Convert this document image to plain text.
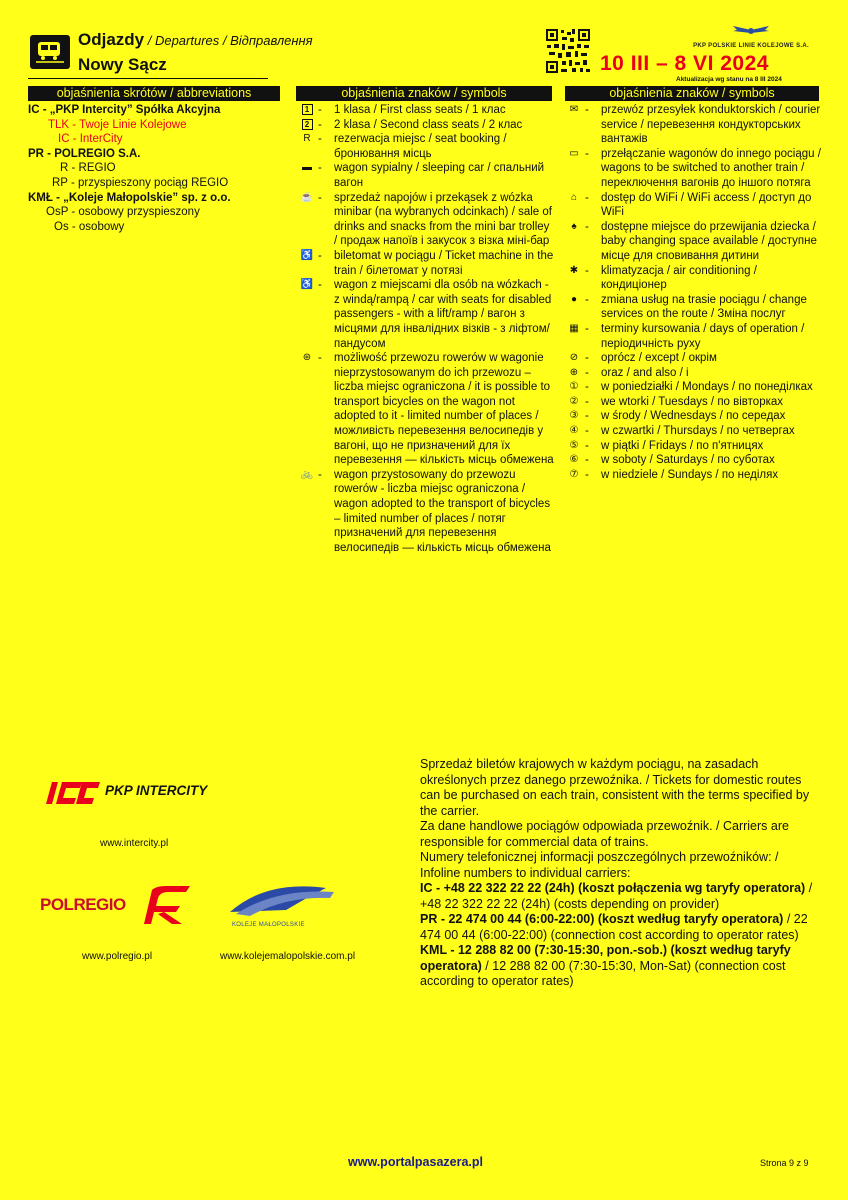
Odjazdy / Departures / Відправлення
Nowy Sącz
PKP POLSKIE LINIE KOLEJOWE S.A.
10 III – 8 VI 2024
Aktualizacja wg stanu na 8 III 2024
objaśnienia skrótów / abbreviations	objaśnienia znaków / symbols	objaśnienia znaków / symbols
IC - „PKP Intercity” Spółka Akcyjna
TLK - Twoje Linie Kolejowe
IC - InterCity
PR - POLREGIO S.A.
R - REGIO
RP - przyspieszony pociąg REGIO
KMŁ - „Koleje Małopolskie” sp. z o.o.
OsP - osobowy przyspieszony
Os - osobowy
1 -	1 klasa / First class seats / 1 клас
2 -	2 klasa / Second class seats / 2 клас
R -	rezerwacja miejsc / seat booking / бронювання місць
▬ -	wagon sypialny / sleeping car / спальний вагон
☕ -	sprzedaż napojów i przekąsek z wózka minibar (na wybranych odcinkach) / sale of drinks and snacks from the mini bar trolley / продаж напоїв і закусок з візка міні-бар
♿ -	biletomat w pociągu / Ticket machine in the train / білетомат у потязі
♿ -	wagon z miejscami dla osób na wózkach - z windą/rampą / car with seats for disabled passengers - with a lift/ramp / вагон з місцями для інвалідних візків - з ліфтом/пандусом
⊛ -	możliwość przewozu rowerów w wagonie nieprzystosowanym do ich przewozu – liczba miejsc ograniczona / it is possible to transport bicycles on the wagon not adopted to it - limited number of places / можливість перевезення велосипедів у вагоні, що не призначений для їх перевезення — кількість місць обмежена
🚲 -	wagon przystosowany do przewozu rowerów - liczba miejsc ograniczona / wagon adopted to the transport of bicycles – limited number of places / потяг призначений для перевезення велосипедів — кількість місць обмежена
✉ -	przewóz przesyłek konduktorskich / courier service / перевезення кондукторських вантажів
▭ -	przełączanie wagonów do innego pociągu / wagons to be switched to another train / переключення вагонів до іншого потяга
⌂ -	dostęp do WiFi / WiFi access / доступ до WiFi
♠ -	dostępne miejsce do przewijania dziecka / baby changing space available / доступне місце для сповивання дитини
✱ -	klimatyzacja / air conditioning / кондиціонер
● -	zmiana usług na trasie pociągu / change services on the route / Зміна послуг
▦ -	terminy kursowania / days of operation / періодичність руху
⊘ -	oprócz / except / окрім
⊕ -	oraz / and also / і
① -	w poniedziałki / Mondays / по понеділках
② -	we wtorki / Tuesdays / по вівторках
③ -	w środy / Wednesdays / по середах
④ -	w czwartki / Thursdays / по четвергах
⑤ -	w piątki / Fridays / по п'ятницях
⑥ -	w soboty / Saturdays / по суботах
⑦ -	w niedziele / Sundays / по неділях
PKP INTERCITY
www.intercity.pl
POLREGIO
www.polregio.pl
KOLEJE MAŁOPOLSKIE
www.kolejemalopolskie.com.pl

Sprzedaż biletów krajowych w każdym pociągu, na zasadach określonych przez danego przewoźnika. / Tickets for domestic routes can be purchased on each train, consistent with the terms specified by the carrier.

Za dane handlowe pociągów odpowiada przewoźnik. / Carriers are responsible for commercial data of trains.

Numery telefonicznej informacji poszczególnych przewoźników: / Infoline numbers to individual carriers:

IC - +48 22 322 22 22 (24h) (koszt połączenia wg taryfy operatora) / +48 22 322 22 22 (24h) (costs depending on provider)

PR - 22 474 00 44 (6:00-22:00) (koszt według taryfy operatora) / 22 474 00 44 (6:00-22:00) (connection cost according to operator rates)

KML - 12 288 82 00 (7:30-15:30, pon.-sob.) (koszt według taryfy operatora) / 12 288 82 00 (7:30-15:30, Mon-Sat) (connection cost according to operator rates)

www.portalpasazera.pl	Strona 9 z 9
